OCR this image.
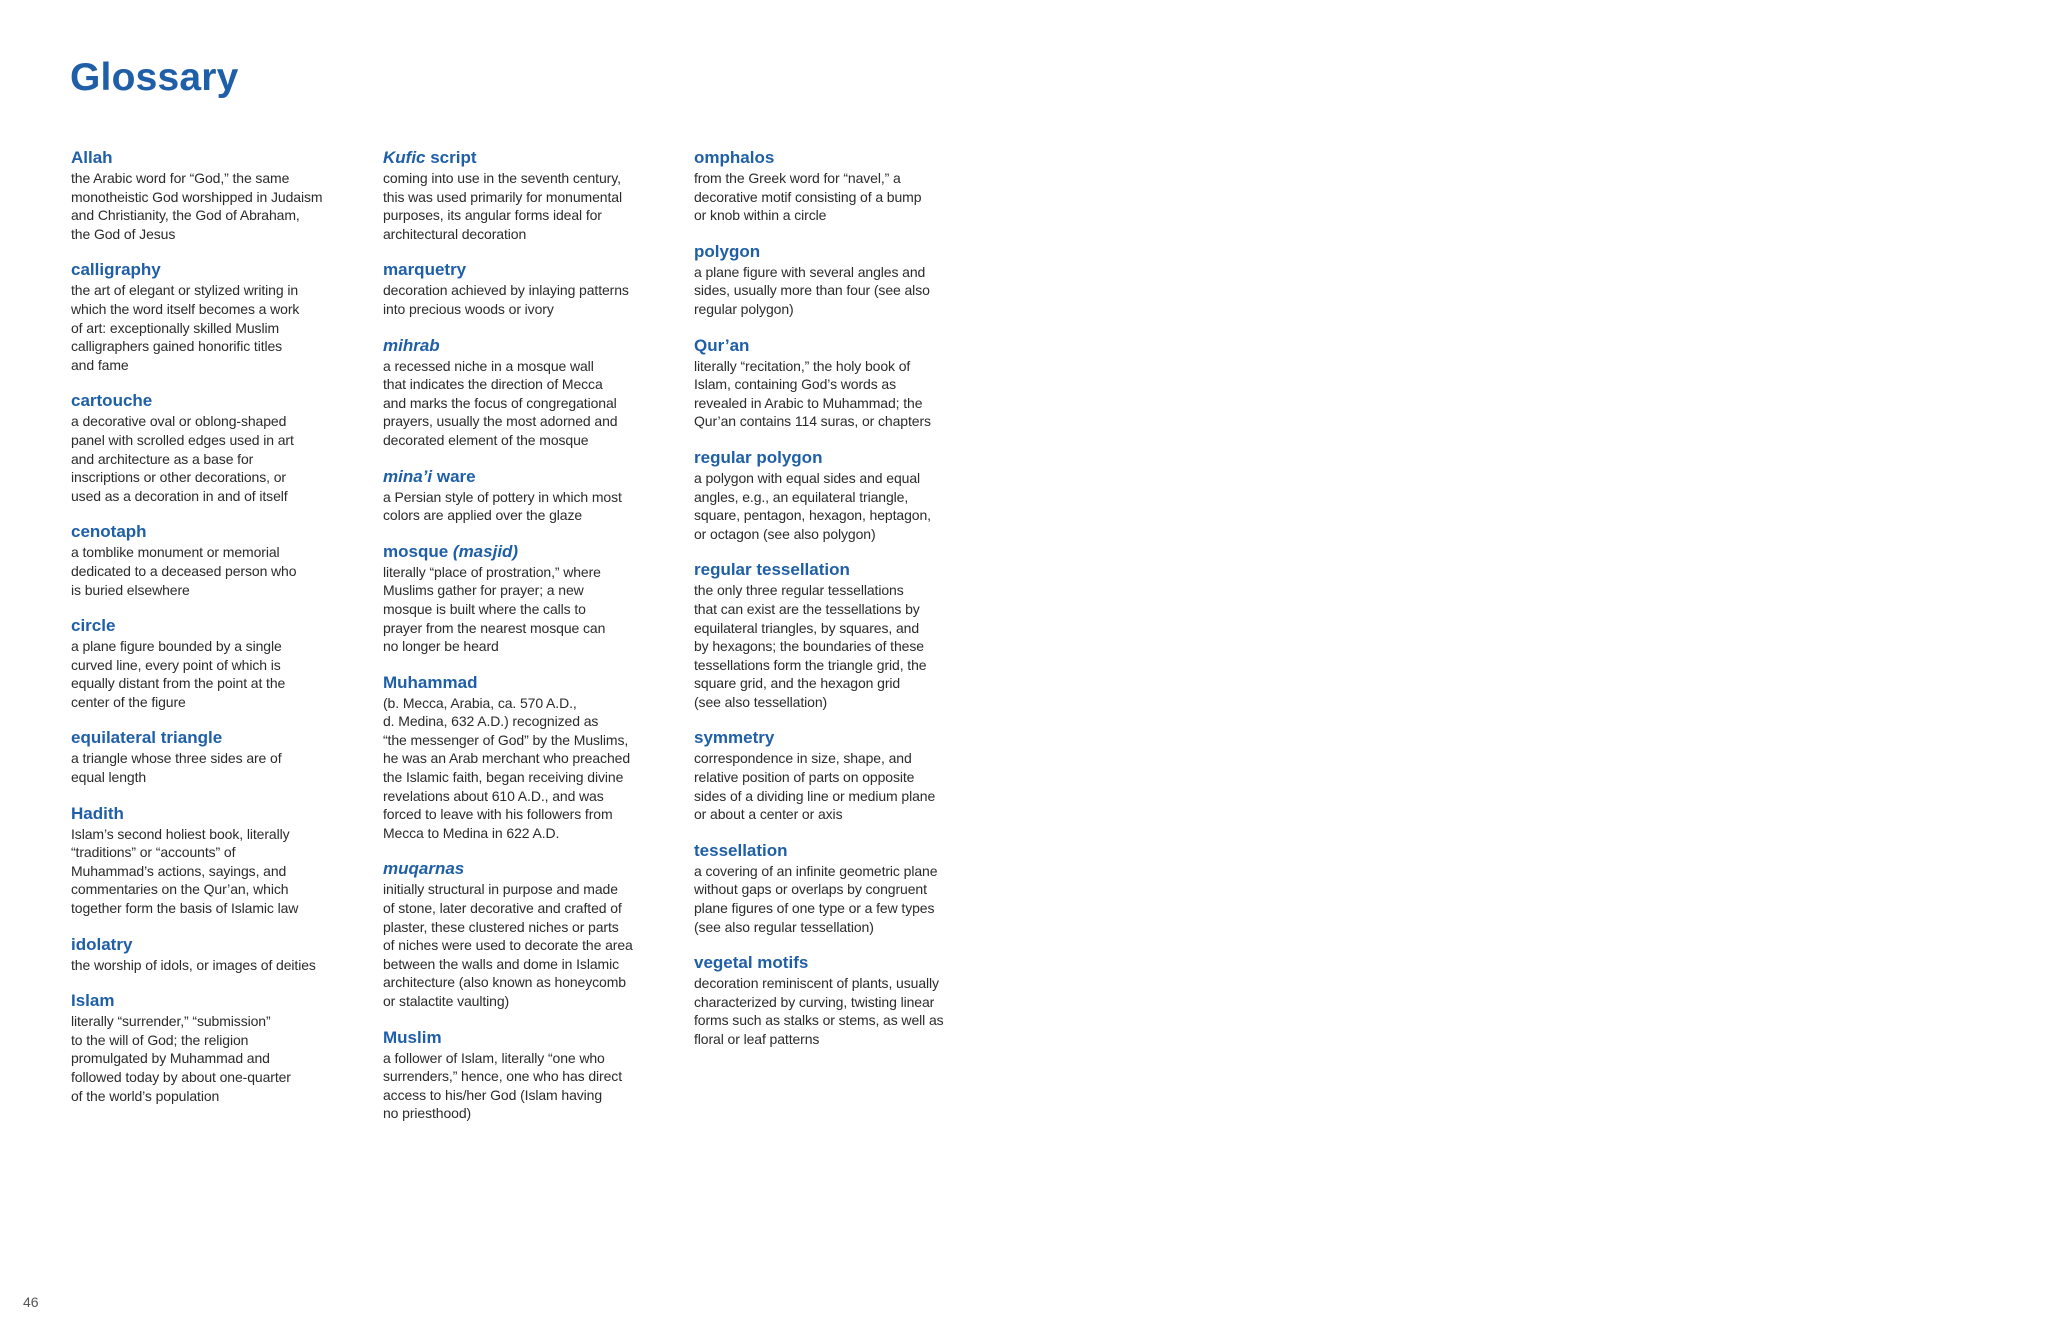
Glossary
Allah
the Arabic word for “God,” the same
monotheistic God worshipped in Judaism
and Christianity, the God of Abraham,
the God of Jesus
calligraphy
the art of elegant or stylized writing in
which the word itself becomes a work
of art: exceptionally skilled Muslim
calligraphers gained honorific titles
and fame
cartouche
a decorative oval or oblong-shaped
panel with scrolled edges used in art
and architecture as a base for
inscriptions or other decorations, or
used as a decoration in and of itself
cenotaph
a tomblike monument or memorial
dedicated to a deceased person who
is buried elsewhere
circle
a plane figure bounded by a single
curved line, every point of which is
equally distant from the point at the
center of the figure
equilateral triangle
a triangle whose three sides are of
equal length
Hadith
Islam’s second holiest book, literally
“traditions” or “accounts” of
Muhammad’s actions, sayings, and
commentaries on the Qur’an, which
together form the basis of Islamic law
idolatry
the worship of idols, or images of deities
Islam
literally “surrender,” “submission”
to the will of God; the religion
promulgated by Muhammad and
followed today by about one-quarter
of the world’s population
Kufic script
coming into use in the seventh century,
this was used primarily for monumental
purposes, its angular forms ideal for
architectural decoration
marquetry
decoration achieved by inlaying patterns
into precious woods or ivory
mihrab
a recessed niche in a mosque wall
that indicates the direction of Mecca
and marks the focus of congregational
prayers, usually the most adorned and
decorated element of the mosque
mina’i ware
a Persian style of pottery in which most
colors are applied over the glaze
mosque (masjid)
literally “place of prostration,” where
Muslims gather for prayer; a new
mosque is built where the calls to
prayer from the nearest mosque can
no longer be heard
Muhammad
(b. Mecca, Arabia, ca. 570 A.D.,
d. Medina, 632 A.D.) recognized as
“the messenger of God” by the Muslims,
he was an Arab merchant who preached
the Islamic faith, began receiving divine
revelations about 610 A.D., and was
forced to leave with his followers from
Mecca to Medina in 622 A.D.
muqarnas
initially structural in purpose and made
of stone, later decorative and crafted of
plaster, these clustered niches or parts
of niches were used to decorate the area
between the walls and dome in Islamic
architecture (also known as honeycomb
or stalactite vaulting)
Muslim
a follower of Islam, literally “one who
surrenders,” hence, one who has direct
access to his/her God (Islam having
no priesthood)
omphalos
from the Greek word for “navel,” a
decorative motif consisting of a bump
or knob within a circle
polygon
a plane figure with several angles and
sides, usually more than four (see also
regular polygon)
Qur’an
literally “recitation,” the holy book of
Islam, containing God’s words as
revealed in Arabic to Muhammad; the
Qur’an contains 114 suras, or chapters
regular polygon
a polygon with equal sides and equal
angles, e.g., an equilateral triangle,
square, pentagon, hexagon, heptagon,
or octagon (see also polygon)
regular tessellation
the only three regular tessellations
that can exist are the tessellations by
equilateral triangles, by squares, and
by hexagons; the boundaries of these
tessellations form the triangle grid, the
square grid, and the hexagon grid
(see also tessellation)
symmetry
correspondence in size, shape, and
relative position of parts on opposite
sides of a dividing line or medium plane
or about a center or axis
tessellation
a covering of an infinite geometric plane
without gaps or overlaps by congruent
plane figures of one type or a few types
(see also regular tessellation)
vegetal motifs
decoration reminiscent of plants, usually
characterized by curving, twisting linear
forms such as stalks or stems, as well as
floral or leaf patterns
46
